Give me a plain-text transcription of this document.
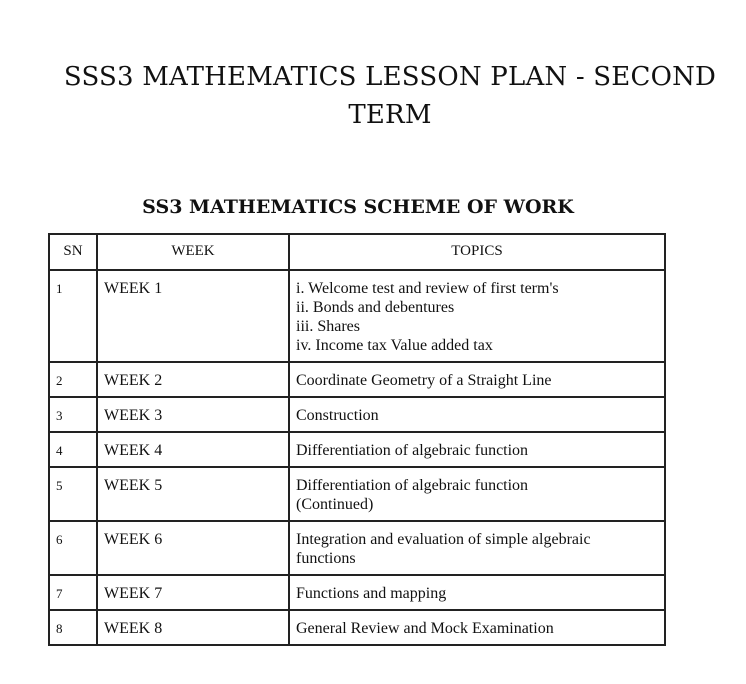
SSS3 MATHEMATICS LESSON PLAN - SECOND
TERM
SS3 MATHEMATICS SCHEME OF WORK
SN	WEEK	TOPICS
1	WEEK 1	i. Welcome test and review of first term's
ii. Bonds and debentures
iii. Shares
iv. Income tax Value added tax

2	WEEK 2	Coordinate Geometry of a Straight Line

3	WEEK 3	Construction

4	WEEK 4	Differentiation of algebraic function

5	WEEK 5	Differentiation of algebraic function
(Continued)

6	WEEK 6	Integration and evaluation of simple algebraic
functions

7	WEEK 7	Functions and mapping

8	WEEK 8	General Review and Mock Examination
